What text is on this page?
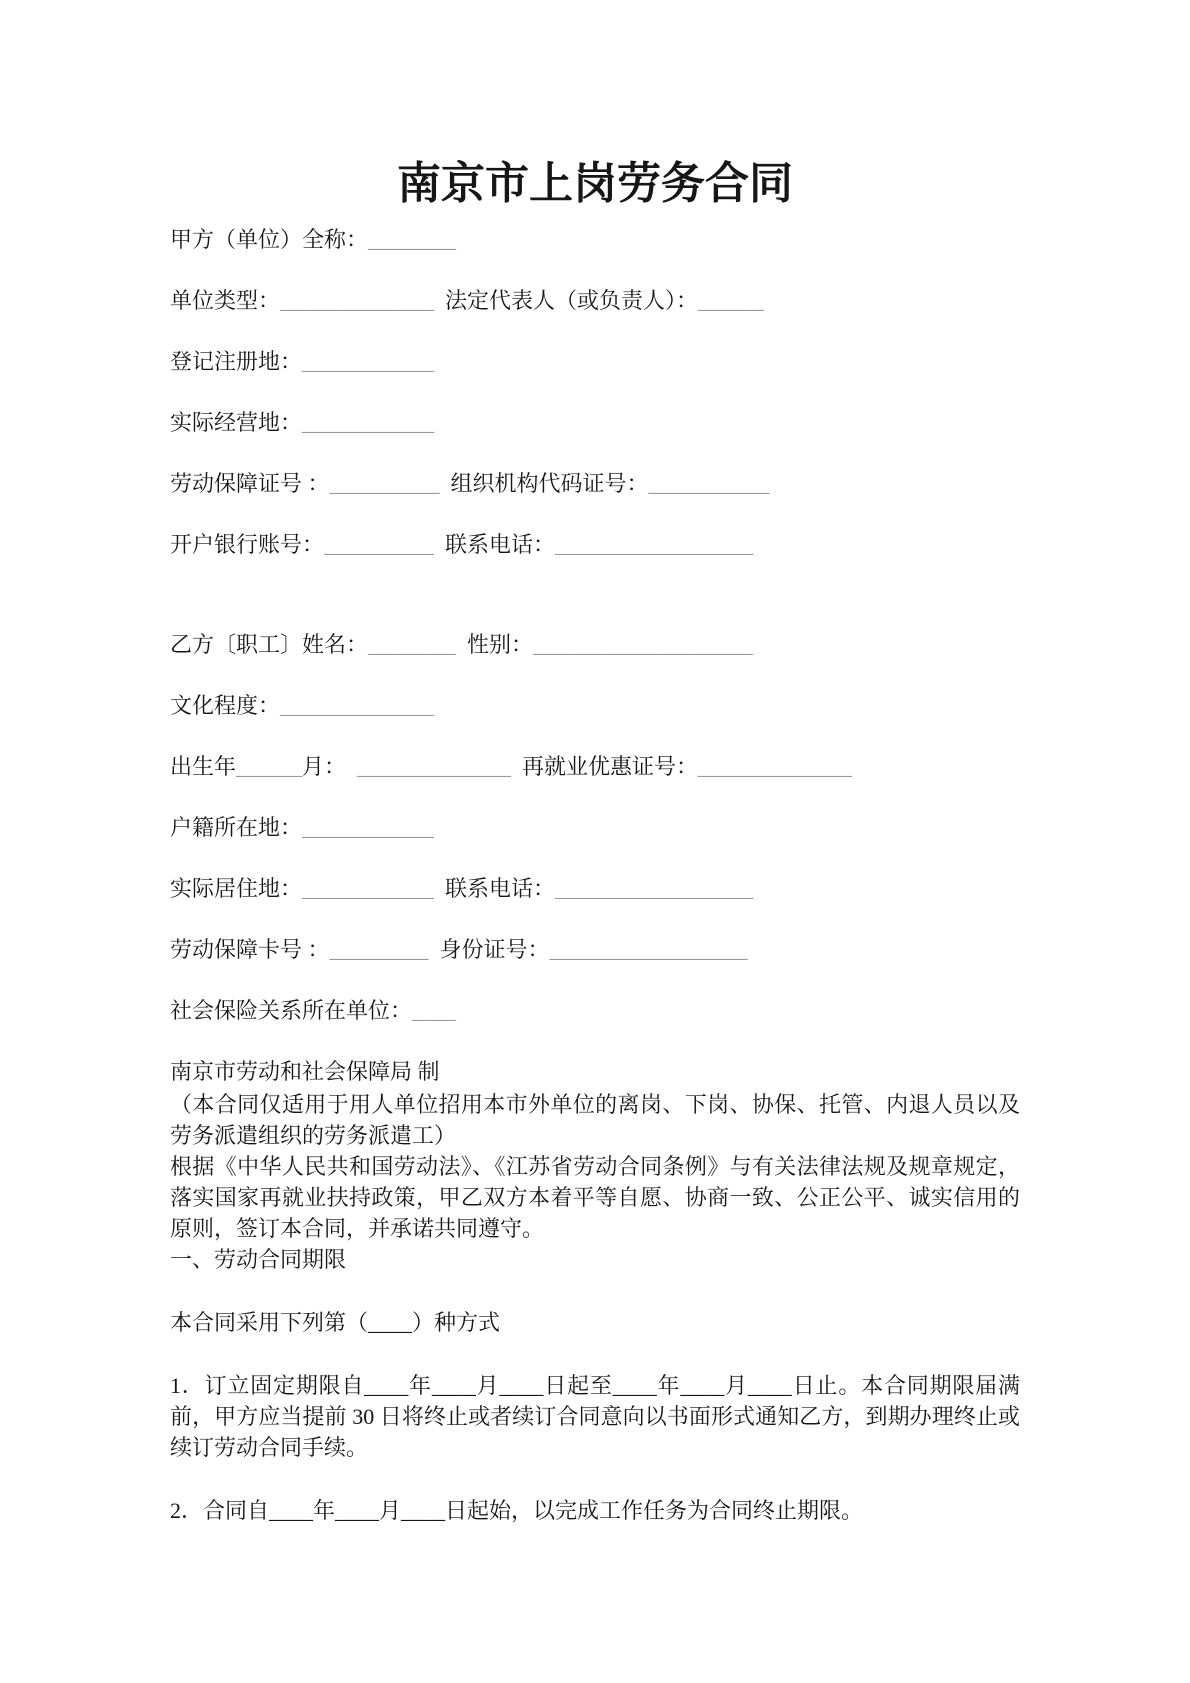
南京市上岗劳务合同
甲方（单位）全称：________
单位类型：______________  法定代表人（或负责人）：______
登记注册地：____________
实际经营地：____________
劳动保障证号 ：__________  组织机构代码证号：___________
开户银行账号：__________  联系电话：__________________
乙方〔职工〕姓名：________  性别：____________________
文化程度：______________
出生年______月：  ______________  再就业优惠证号：______________
户籍所在地：____________
实际居住地：____________  联系电话：__________________
劳动保障卡号 ：_________  身份证号：__________________
社会保险关系所在单位：____

南京市劳动和社会保障局 制

（本合同仅适用于用人单位招用本市外单位的离岗、下岗、协保、托管、内退人员以及劳务派遣组织的劳务派遣工）

根据《中华人民共和国劳动法》、《江苏省劳动合同条例》与有关法律法规及规章规定，落实国家再就业扶持政策，甲乙双方本着平等自愿、协商一致、公正公平、诚实信用的原则，签订本合同，并承诺共同遵守。

一、劳动合同期限

本合同采用下列第（____）种方式

1．订立固定期限自____年____月____日起至____年____月____日止。本合同期限届满前，甲方应当提前 30 日将终止或者续订合同意向以书面形式通知乙方，到期办理终止或续订劳动合同手续。

2．合同自____年____月____日起始，以完成工作任务为合同终止期限。
